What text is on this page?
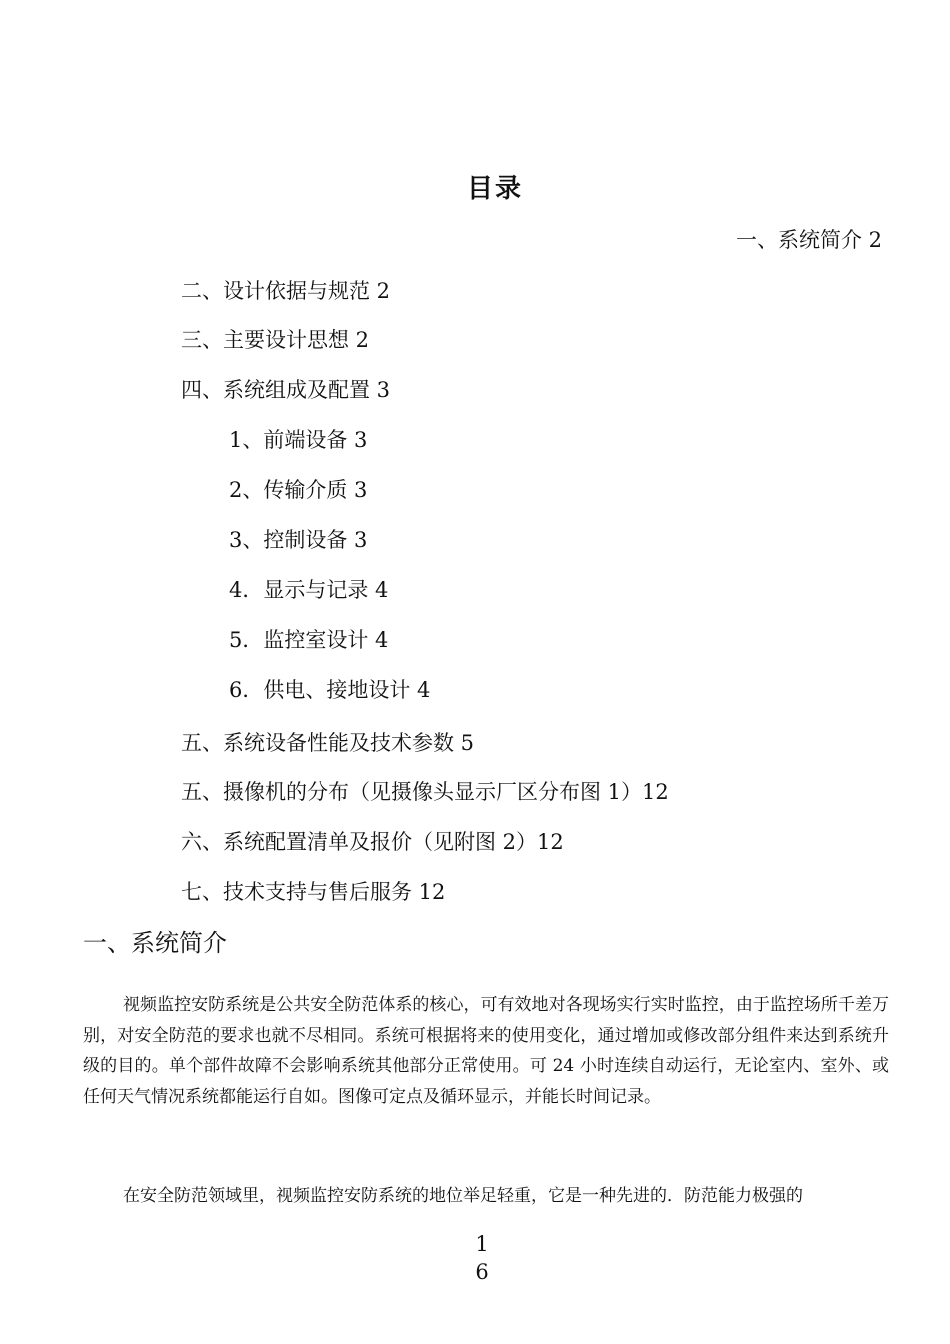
目录
一、系统简介 2
二、设计依据与规范 2
三、主要设计思想 2
四、系统组成及配置 3
1、前端设备 3
2、传输介质 3
3、控制设备 3
4．显示与记录 4
5．监控室设计 4
6．供电、接地设计 4
五、系统设备性能及技术参数 5
五、摄像机的分布（见摄像头显示厂区分布图 1）12
六、系统配置清单及报价（见附图 2）12
七、技术支持与售后服务 12
一、系统简介
视频监控安防系统是公共安全防范体系的核心，可有效地对各现场实行实时监控，由于监控场所千差万别，对安全防范的要求也就不尽相同。系统可根据将来的使用变化，通过增加或修改部分组件来达到系统升级的目的。单个部件故障不会影响系统其他部分正常使用。可 24 小时连续自动运行，无论室内、室外、或任何天气情况系统都能运行自如。图像可定点及循环显示，并能长时间记录。
在安全防范领域里，视频监控安防系统的地位举足轻重，它是一种先进的．防范能力极强的
1
6
